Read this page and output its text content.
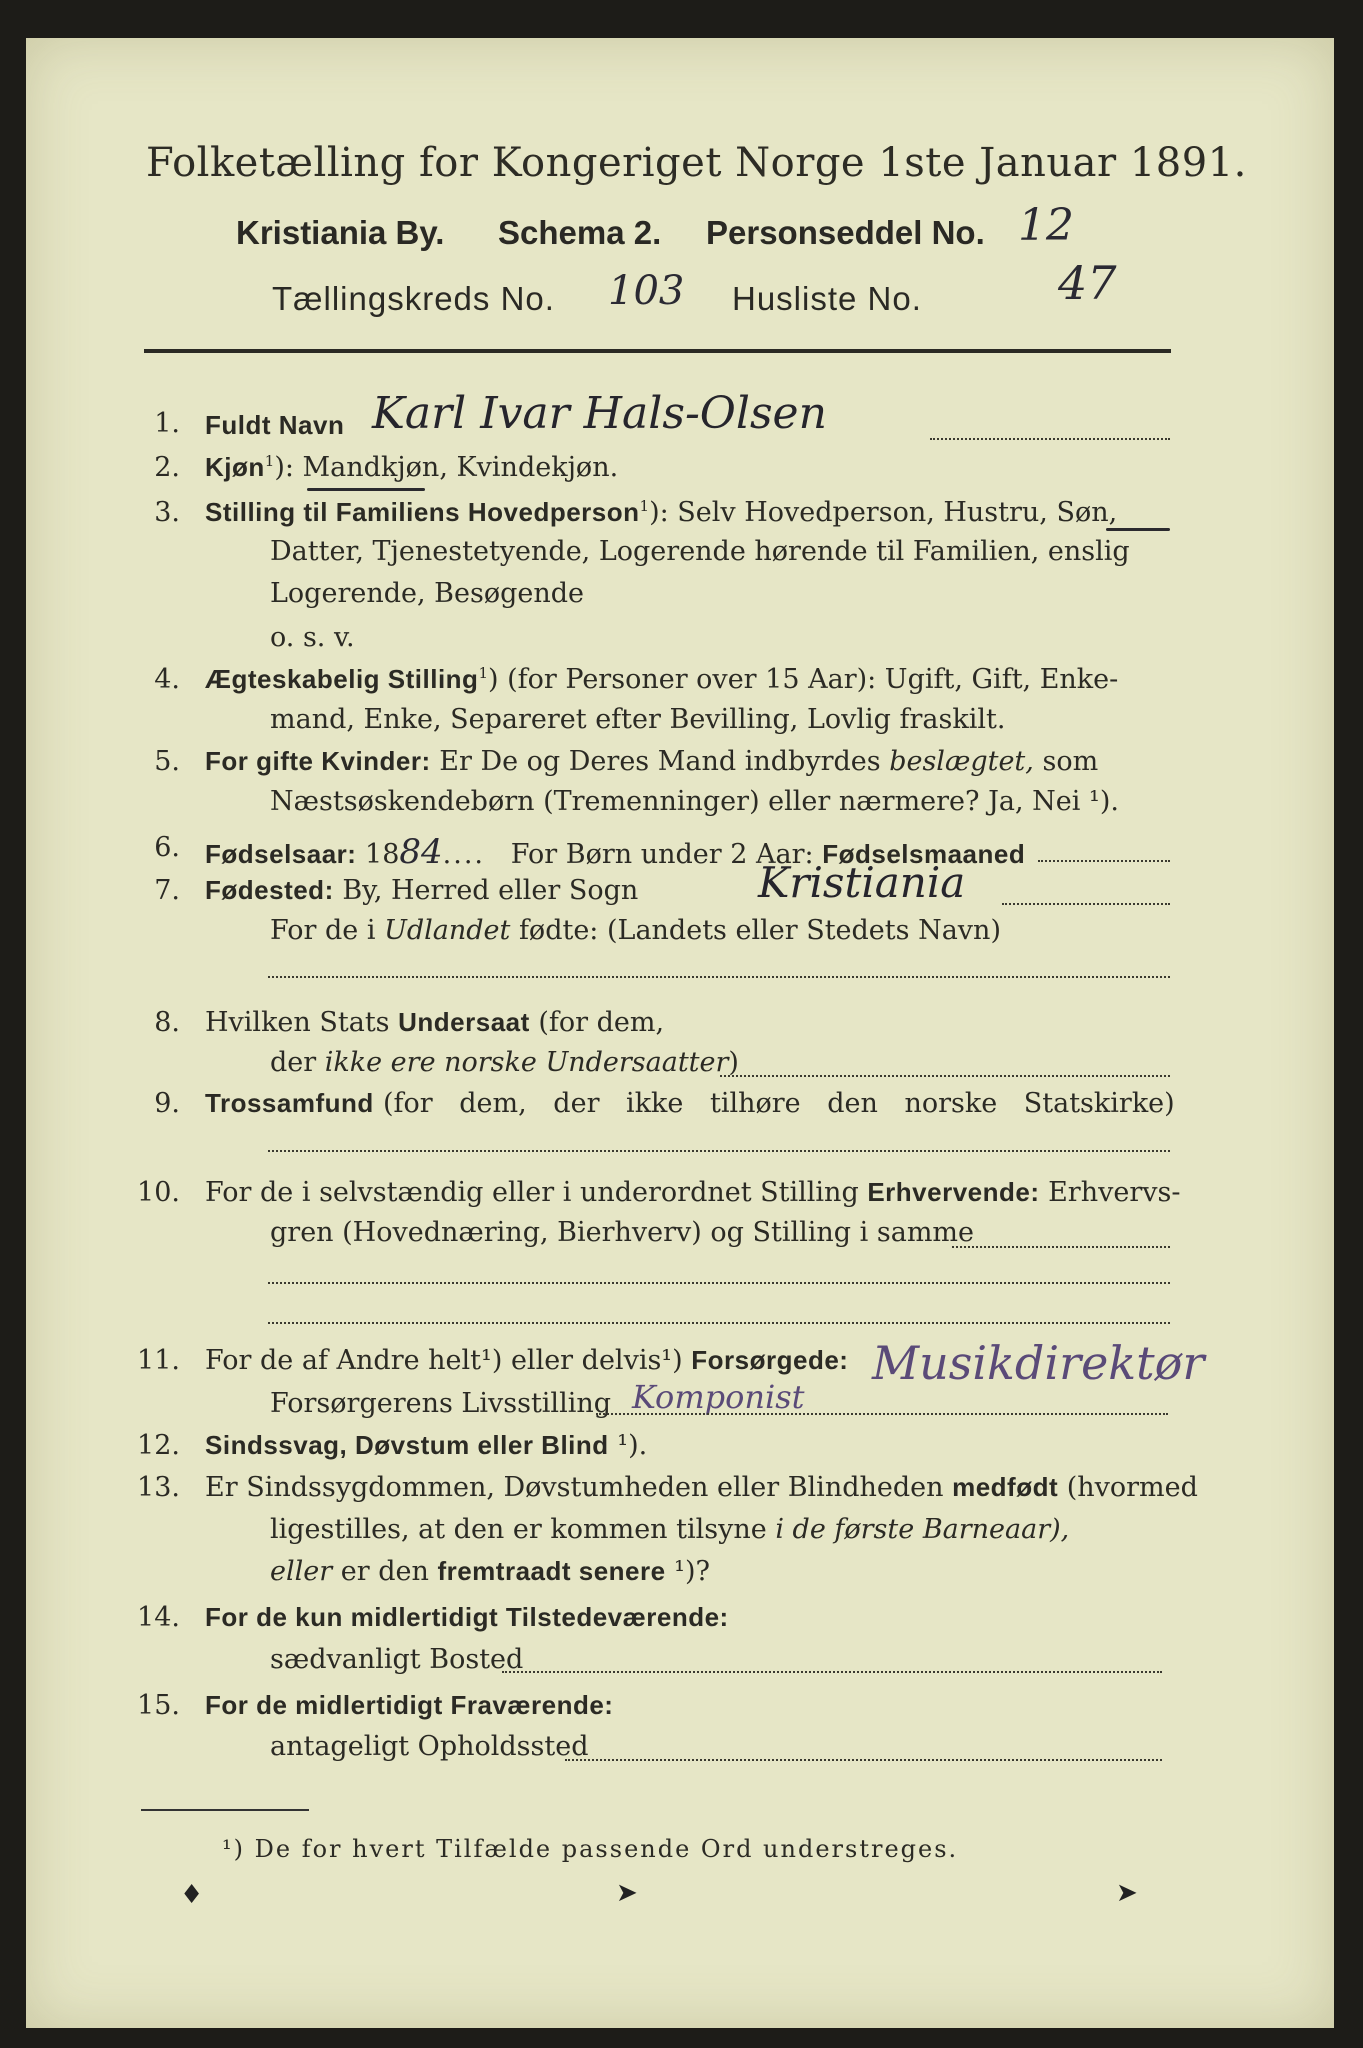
Folketælling for Kongeriget Norge 1ste Januar 1891.
Kristiania By. Schema 2. Personseddel No. 12
Tællingskreds No. 103 Husliste No.	47
1. Fuldt Navn Karl Ivar Hals-Olsen
2. Kjøn$^1$): Mandkjøn, Kvindekjøn.
3. Stilling til Familiens Hovedperson$^1$): Selv Hovedperson, Hustru, Søn,
Datter, Tjenestetyende, Logerende hørende til Familien, enslig
Logerende, Besøgende
o. s. v.
4. Ægteskabelig Stilling$^1$) (for Personer over 15 Aar): Ugift, Gift, Enke-
mand, Enke, Separeret efter Bevilling, Lovlig fraskilt.
5. For gifte Kvinder: Er De og Deres Mand indbyrdes beslægtet, som
Næstsøskendebørn (Tremenninger) eller nærmere? Ja, Nei ¹).
6. Fødselsaar: 1884.... For Børn under 2 Aar: Fødselsmaaned
7. Fødested: By, Herred eller Sogn	Kristiania
For de i Udlandet fødte: (Landets eller Stedets Navn)
8. Hvilken Stats Undersaat (for dem,
der ikke ere norske Undersaatter)
9. Trossamfund (for dem, der ikke tilhøre den norske Statskirke)
10. For de i selvstændig eller i underordnet Stilling Erhvervende: Erhvervs-
gren (Hovednæring, Bierhverv) og Stilling i samme
11. For de af Andre helt¹) eller delvis¹) Forsørgede:
Forsørgerens Livsstilling Komponist
Musikdirektør
12. Sindssvag, Døvstum eller Blind ¹).
13. Er Sindssygdommen, Døvstumheden eller Blindheden medfødt (hvormed
ligestilles, at den er kommen tilsyne i de første Barneaar),
eller er den fremtraadt senere ¹)?
14. For de kun midlertidigt Tilstedeværende:
sædvanligt Bosted
15. For de midlertidigt Fraværende:
antageligt Opholdssted
¹) De for hvert Tilfælde passende Ord understreges.
♦	➤	➤
